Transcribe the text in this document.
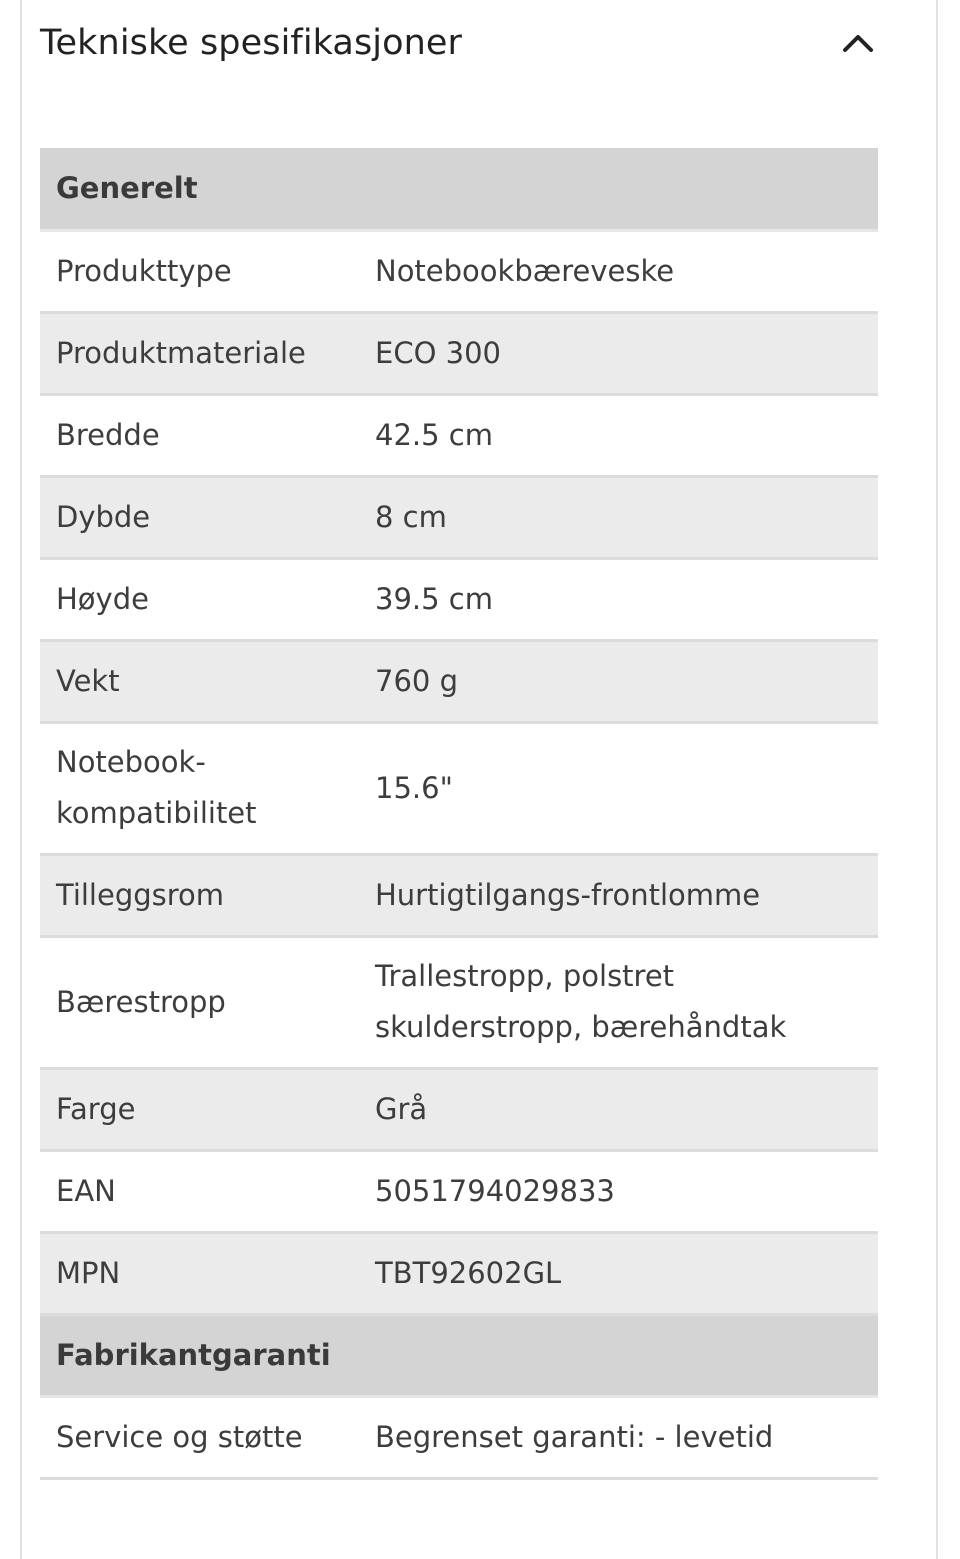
Tekniske spesifikasjoner
Generelt	
Produkttype	Notebookbæreveske
Produktmateriale	ECO 300
Bredde	42.5 cm
Dybde	8 cm
Høyde	39.5 cm
Vekt	760 g
Notebook-kompatibilitet	15.6"
Tilleggsrom	Hurtigtilgangs-frontlomme
Bærestropp	Trallestropp, polstret skulderstropp, bærehåndtak
Farge	Grå
EAN	5051794029833
MPN	TBT92602GL
Fabrikantgaranti	
Service og støtte	Begrenset garanti: - levetid
